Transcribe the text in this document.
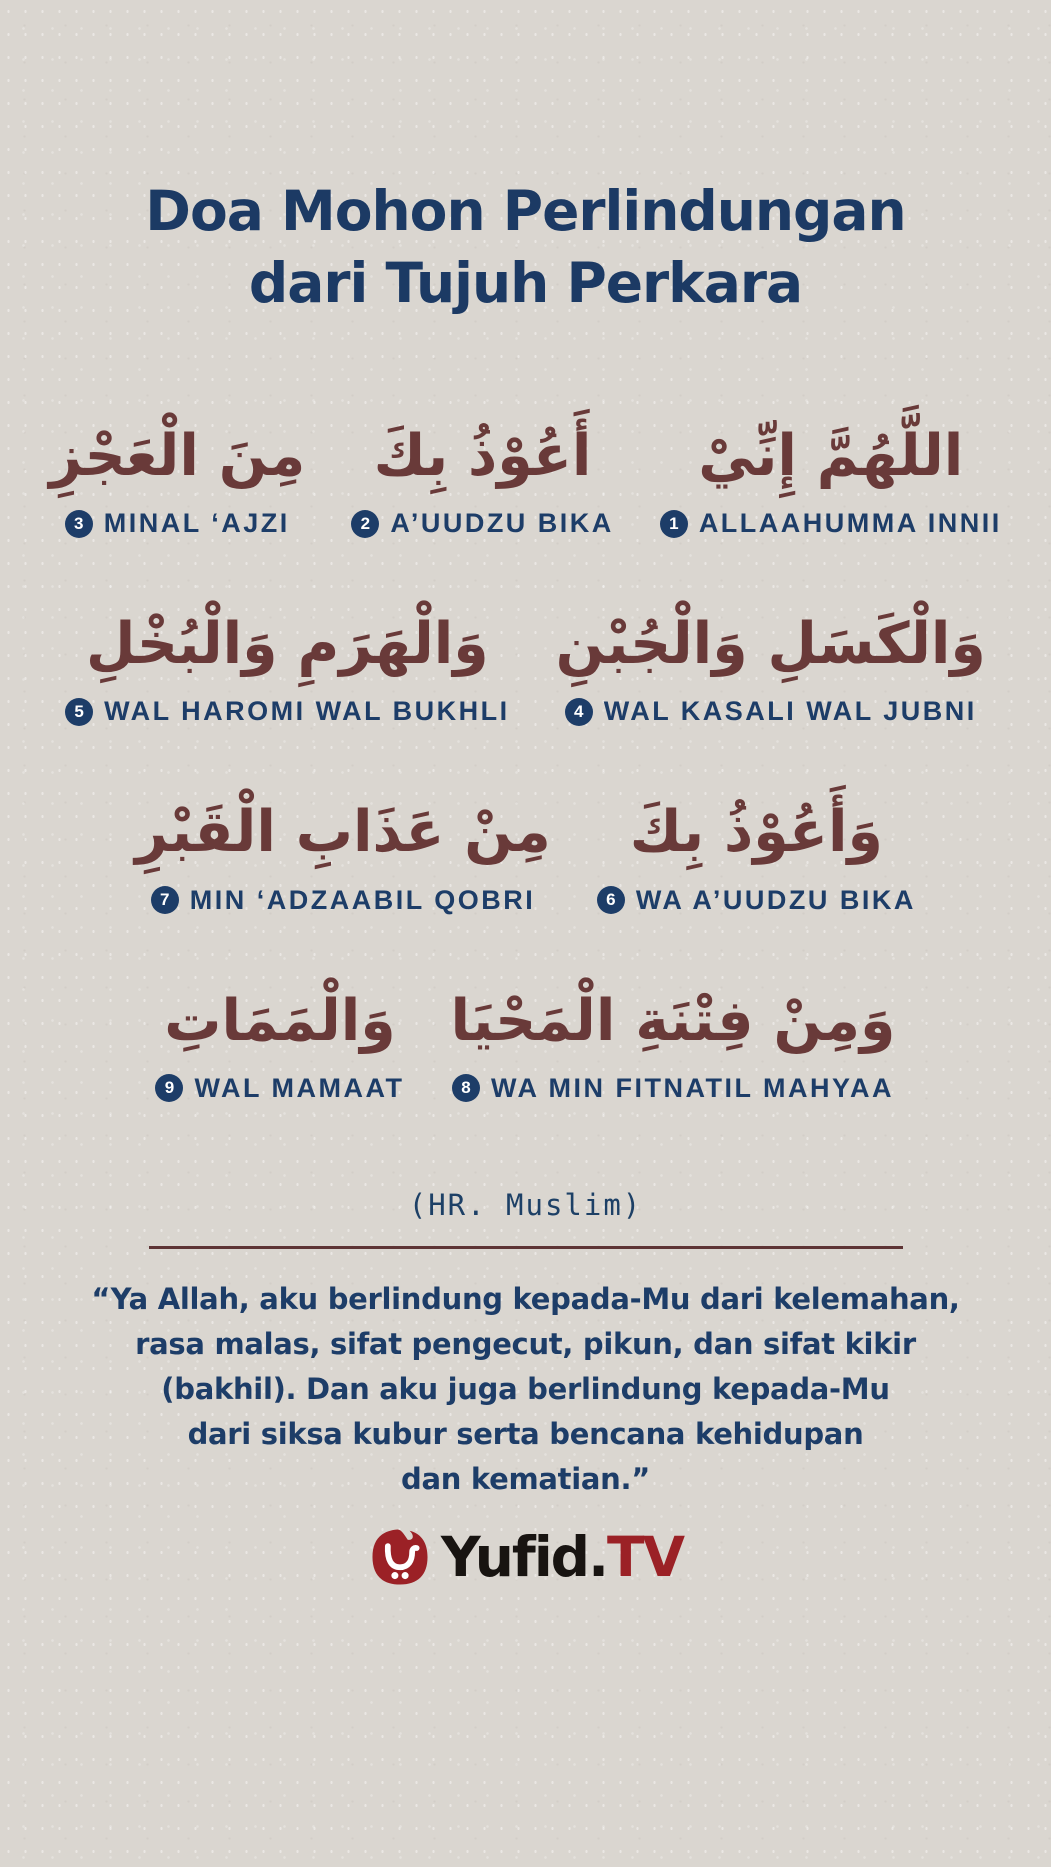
Doa Mohon Perlindungan
dari Tujuh Perkara
مِنَ الْعَجْزِ
3 MINAL ‘AJZI
أَعُوْذُ بِكَ
2 A’UUDZU BIKA
اللَّهُمَّ إِنِّيْ
1 ALLAAHUMMA INNII
وَالْهَرَمِ وَالْبُخْلِ
5 WAL HAROMI WAL BUKHLI
وَالْكَسَلِ وَالْجُبْنِ
4 WAL KASALI WAL JUBNI
مِنْ عَذَابِ الْقَبْرِ
7 MIN ‘ADZAABIL QOBRI
وَأَعُوْذُ بِكَ
6 WA A’UUDZU BIKA
وَالْمَمَاتِ
9 WAL MAMAAT
وَمِنْ فِتْنَةِ الْمَحْيَا
8 WA MIN FITNATIL MAHYAA
(HR. Muslim)
“Ya Allah, aku berlindung kepada-Mu dari kelemahan,
rasa malas, sifat pengecut, pikun, dan sifat kikir
(bakhil). Dan aku juga berlindung kepada-Mu
dari siksa kubur serta bencana kehidupan
dan kematian.”
Yufid.TV
